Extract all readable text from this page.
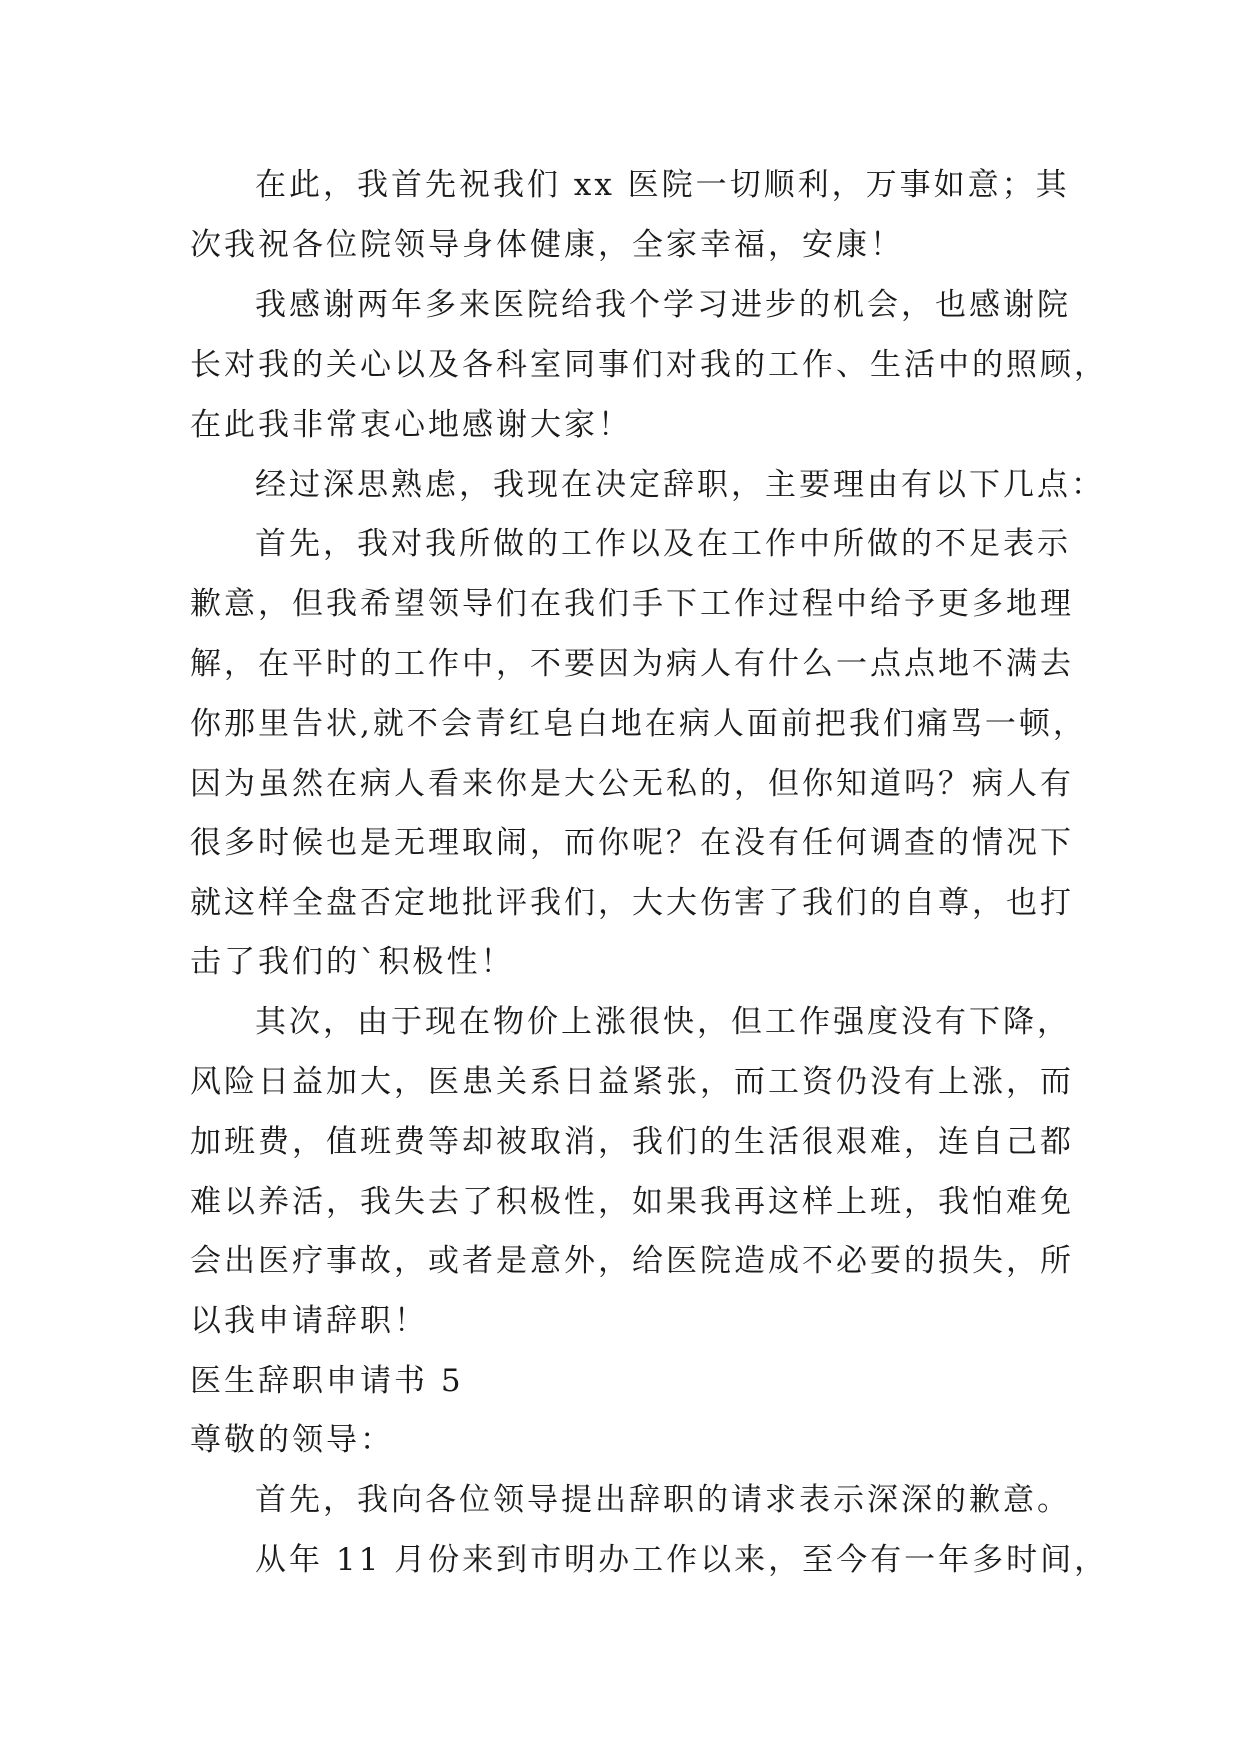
在此，我首先祝我们 xx 医院一切顺利，万事如意；其
次我祝各位院领导身体健康，全家幸福，安康！
我感谢两年多来医院给我个学习进步的机会，也感谢院
长对我的关心以及各科室同事们对我的工作、生活中的照顾，
在此我非常衷心地感谢大家！
经过深思熟虑，我现在决定辞职，主要理由有以下几点：
首先，我对我所做的工作以及在工作中所做的不足表示
歉意，但我希望领导们在我们手下工作过程中给予更多地理
解，在平时的工作中，不要因为病人有什么一点点地不满去
你那里告状,就不会青红皂白地在病人面前把我们痛骂一顿，
因为虽然在病人看来你是大公无私的，但你知道吗？病人有
很多时候也是无理取闹，而你呢？在没有任何调查的情况下
就这样全盘否定地批评我们，大大伤害了我们的自尊，也打
击了我们的`积极性！
其次，由于现在物价上涨很快，但工作强度没有下降，
风险日益加大，医患关系日益紧张，而工资仍没有上涨，而
加班费，值班费等却被取消，我们的生活很艰难，连自己都
难以养活，我失去了积极性，如果我再这样上班，我怕难免
会出医疗事故，或者是意外，给医院造成不必要的损失，所
以我申请辞职！
医生辞职申请书 5
尊敬的领导：
首先，我向各位领导提出辞职的请求表示深深的歉意。
从年 11 月份来到市明办工作以来，至今有一年多时间，
